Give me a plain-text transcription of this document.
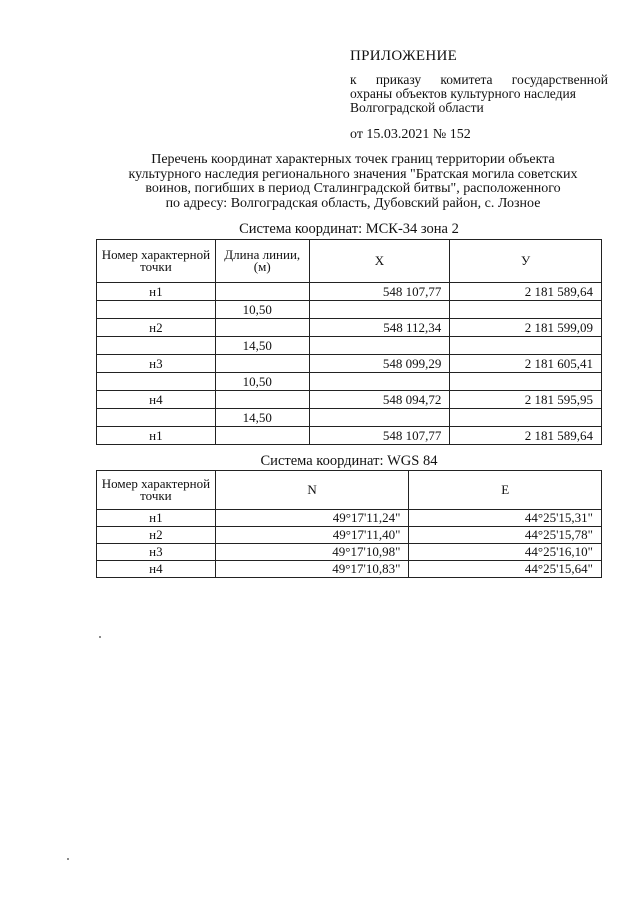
ПРИЛОЖЕНИЕ
к приказу комитета государственной
охраны объектов культурного наследия
Волгоградской области
от 15.03.2021 № 152
Перечень координат характерных точек границ территории объекта
культурного наследия регионального значения "Братская могила советских
воинов, погибших в период Сталинградской битвы", расположенного
по адресу: Волгоградская область, Дубовский район, с. Лозное
Система координат: МСК-34 зона 2
Номер характерной точки	Длина линии, (м)	X	У
н1		548 107,77	2 181 589,64
	10,50		
н2		548 112,34	2 181 599,09
	14,50		
н3		548 099,29	2 181 605,41
	10,50		
н4		548 094,72	2 181 595,95
	14,50		
н1		548 107,77	2 181 589,64
Система координат: WGS 84
Номер характерной точки	N	E
н1	49°17'11,24"	44°25'15,31"
н2	49°17'11,40"	44°25'15,78"
н3	49°17'10,98"	44°25'16,10"
н4	49°17'10,83"	44°25'15,64"
